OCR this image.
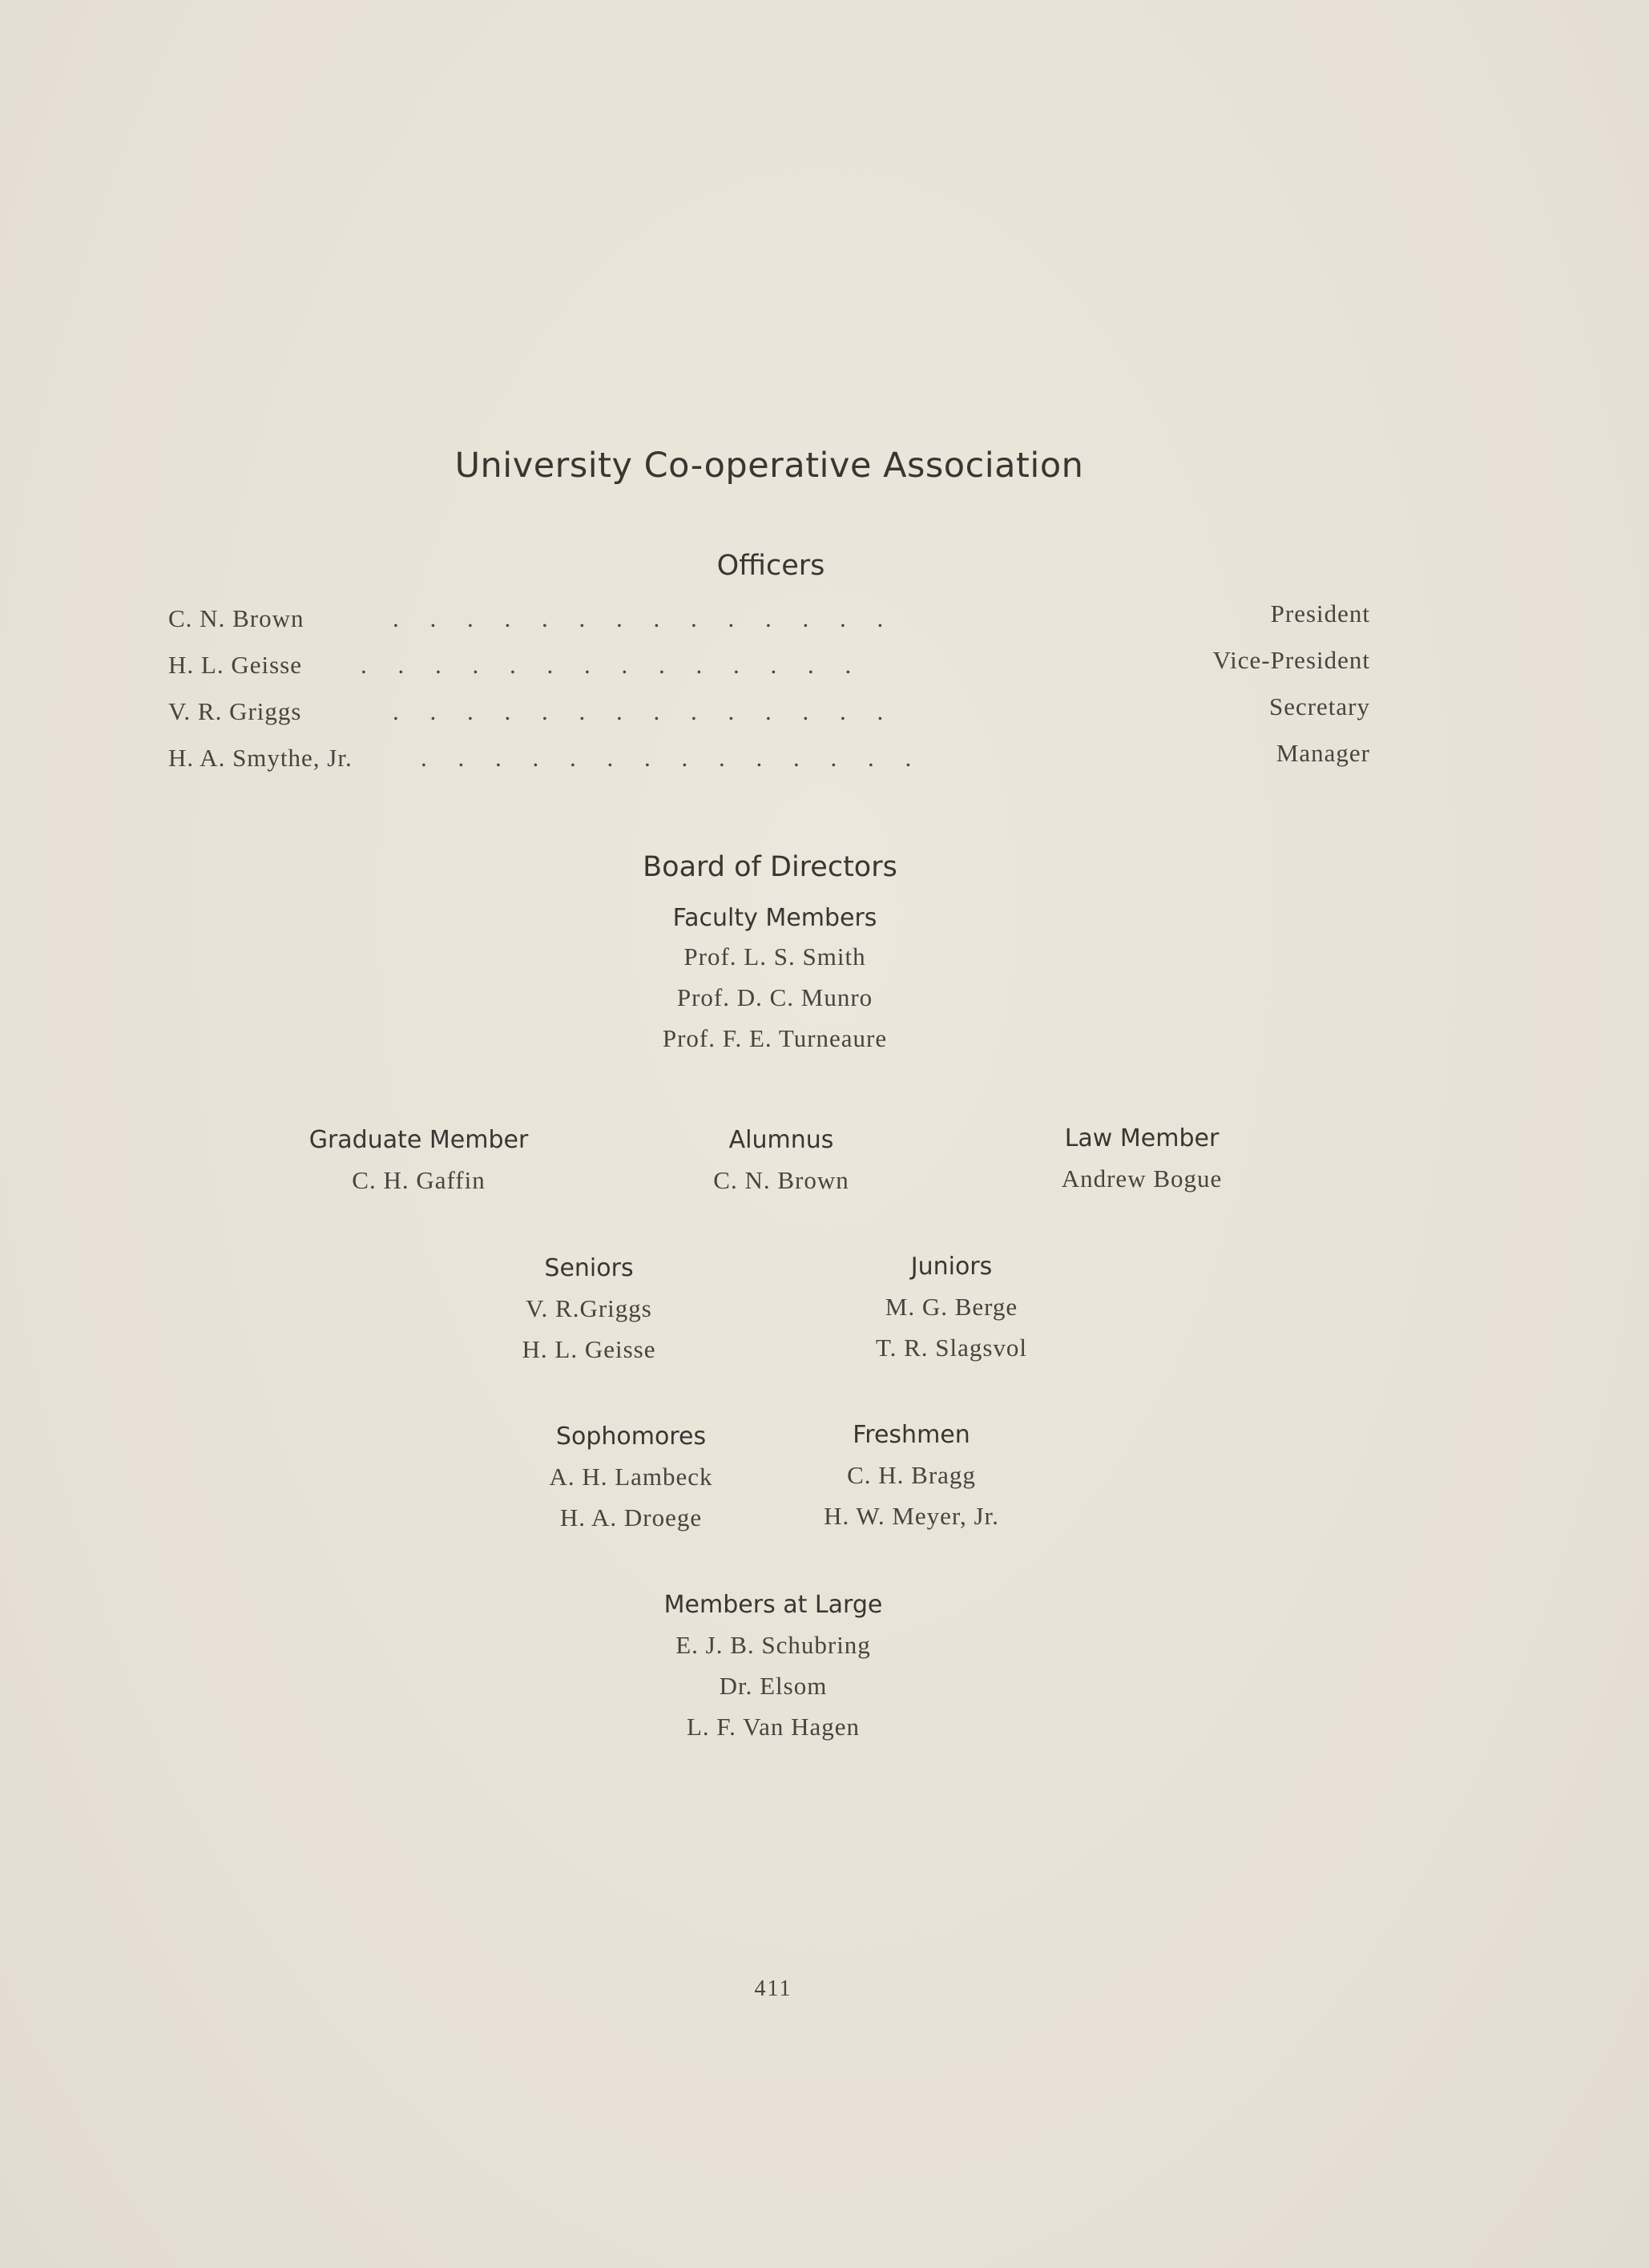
University Co-operative Association
Officers
C. N. Brown	.     .     .     .     .     .     .     .     .     .     .     .     .     .	President
H. L. Geisse .     .     .     .     .     .     .     .     .     .     .     .     .     .	Vice-President
V. R. Griggs	.     .     .     .     .     .     .     .     .     .     .     .     .     .	Secretary
H. A. Smythe, Jr.	.     .     .     .     .     .     .     .     .     .     .     .     .     .	Manager
Board of Directors
Faculty Members
Prof. L. S. Smith
Prof. D. C. Munro
Prof. F. E. Turneaure
Graduate Member
C. H. Gaffin
Alumnus
C. N. Brown
Law Member
Andrew Bogue
Seniors
V. R.Griggs
H. L. Geisse
Juniors
M. G. Berge
T. R. Slagsvol
Sophomores
A. H. Lambeck
H. A. Droege
Freshmen
C. H. Bragg
H. W. Meyer, Jr.
Members at Large
E. J. B. Schubring
Dr. Elsom
L. F. Van Hagen
411
